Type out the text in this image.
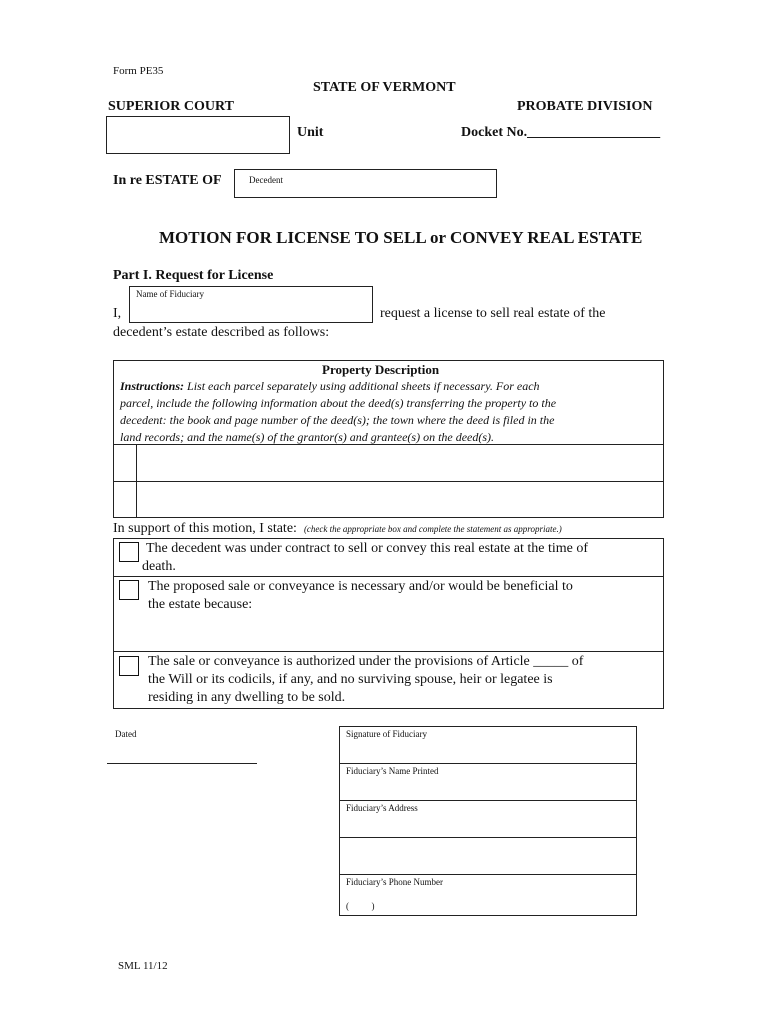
Form PE35
STATE OF VERMONT
SUPERIOR COURT	PROBATE DIVISION
Unit	Docket No.___________________
In re ESTATE OF	Decedent
MOTION FOR LICENSE TO SELL or CONVEY REAL ESTATE
Part I. Request for License
Name of Fiduciary
I,	request a license to sell real estate of the
decedent’s estate described as follows:
Property Description
Instructions: List each parcel separately using additional sheets if necessary. For each
parcel, include the following information about the deed(s) transferring the property to the
decedent: the book and page number of the deed(s); the town where the deed is filed in the
land records; and the name(s) of the grantor(s) and grantee(s) on the deed(s).
In support of this motion, I state: (check the appropriate box and complete the statement as appropriate.)
The decedent was under contract to sell or convey this real estate at the time of
death.
The proposed sale or conveyance is necessary and/or would be beneficial to
the estate because:
The sale or conveyance is authorized under the provisions of Article _____ of
the Will or its codicils, if any, and no surviving spouse, heir or legatee is
residing in any dwelling to be sold.
Dated	Signature of Fiduciary
Fiduciary’s Name Printed
Fiduciary’s Address
Fiduciary’s Phone Number
(          )
SML 11/12
